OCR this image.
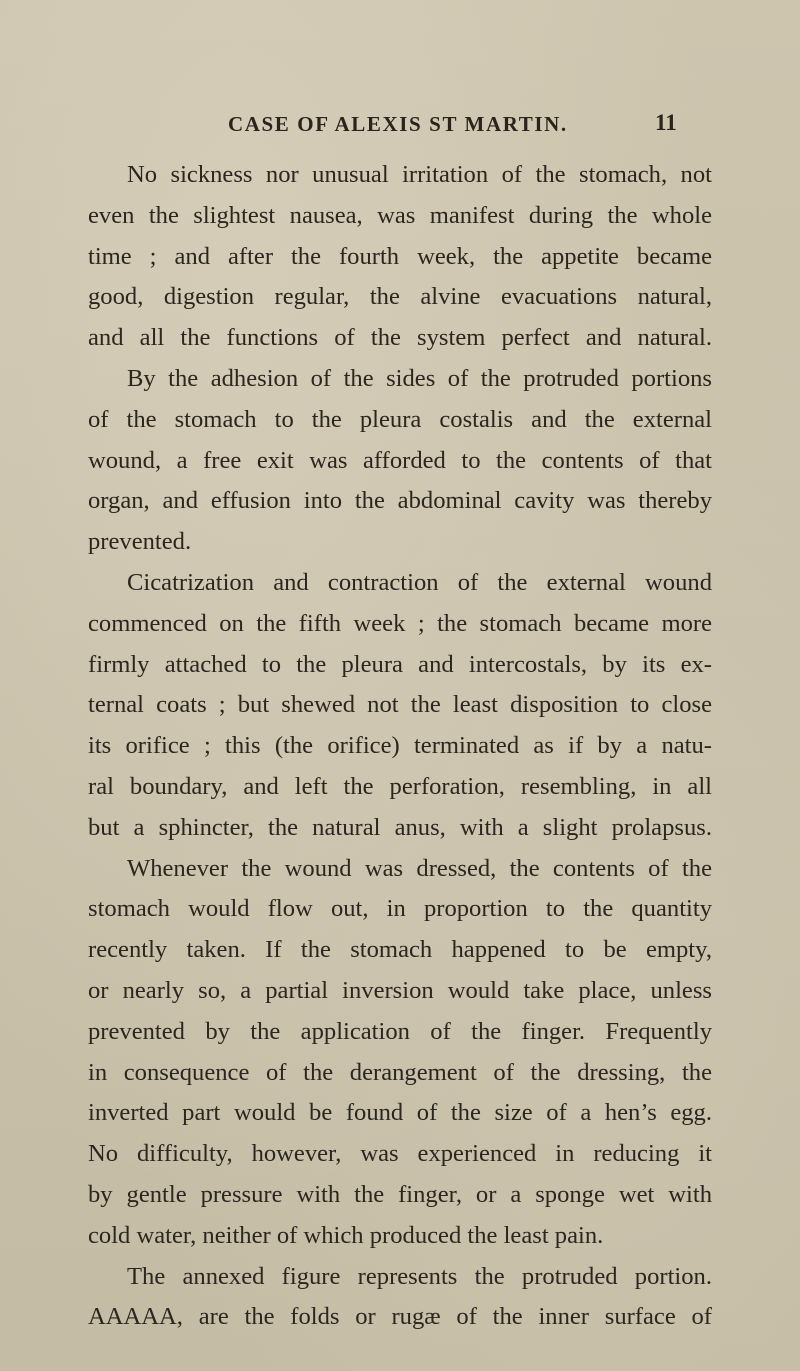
CASE OF ALEXIS ST MARTIN.	11
No sickness nor unusual irritation of the stomach, not
even the slightest nausea, was manifest during the whole
time ; and after the fourth week, the appetite became
good, digestion regular, the alvine evacuations natural,
and all the functions of the system perfect and natural.
By the adhesion of the sides of the protruded portions
of the stomach to the pleura costalis and the external
wound, a free exit was afforded to the contents of that
organ, and effusion into the abdominal cavity was thereby
prevented.
Cicatrization and contraction of the external wound
commenced on the fifth week ; the stomach became more
firmly attached to the pleura and intercostals, by its ex-
ternal coats ; but shewed not the least disposition to close
its orifice ; this (the orifice) terminated as if by a natu-
ral boundary, and left the perforation, resembling, in all
but a sphincter, the natural anus, with a slight prolapsus.
Whenever the wound was dressed, the contents of the
stomach would flow out, in proportion to the quantity
recently taken. If the stomach happened to be empty,
or nearly so, a partial inversion would take place, unless
prevented by the application of the finger. Frequently
in consequence of the derangement of the dressing, the
inverted part would be found of the size of a hen’s egg.
No difficulty, however, was experienced in reducing it
by gentle pressure with the finger, or a sponge wet with
cold water, neither of which produced the least pain.
The annexed figure represents the protruded portion.
AAAAA, are the folds or rugæ of the inner surface of
